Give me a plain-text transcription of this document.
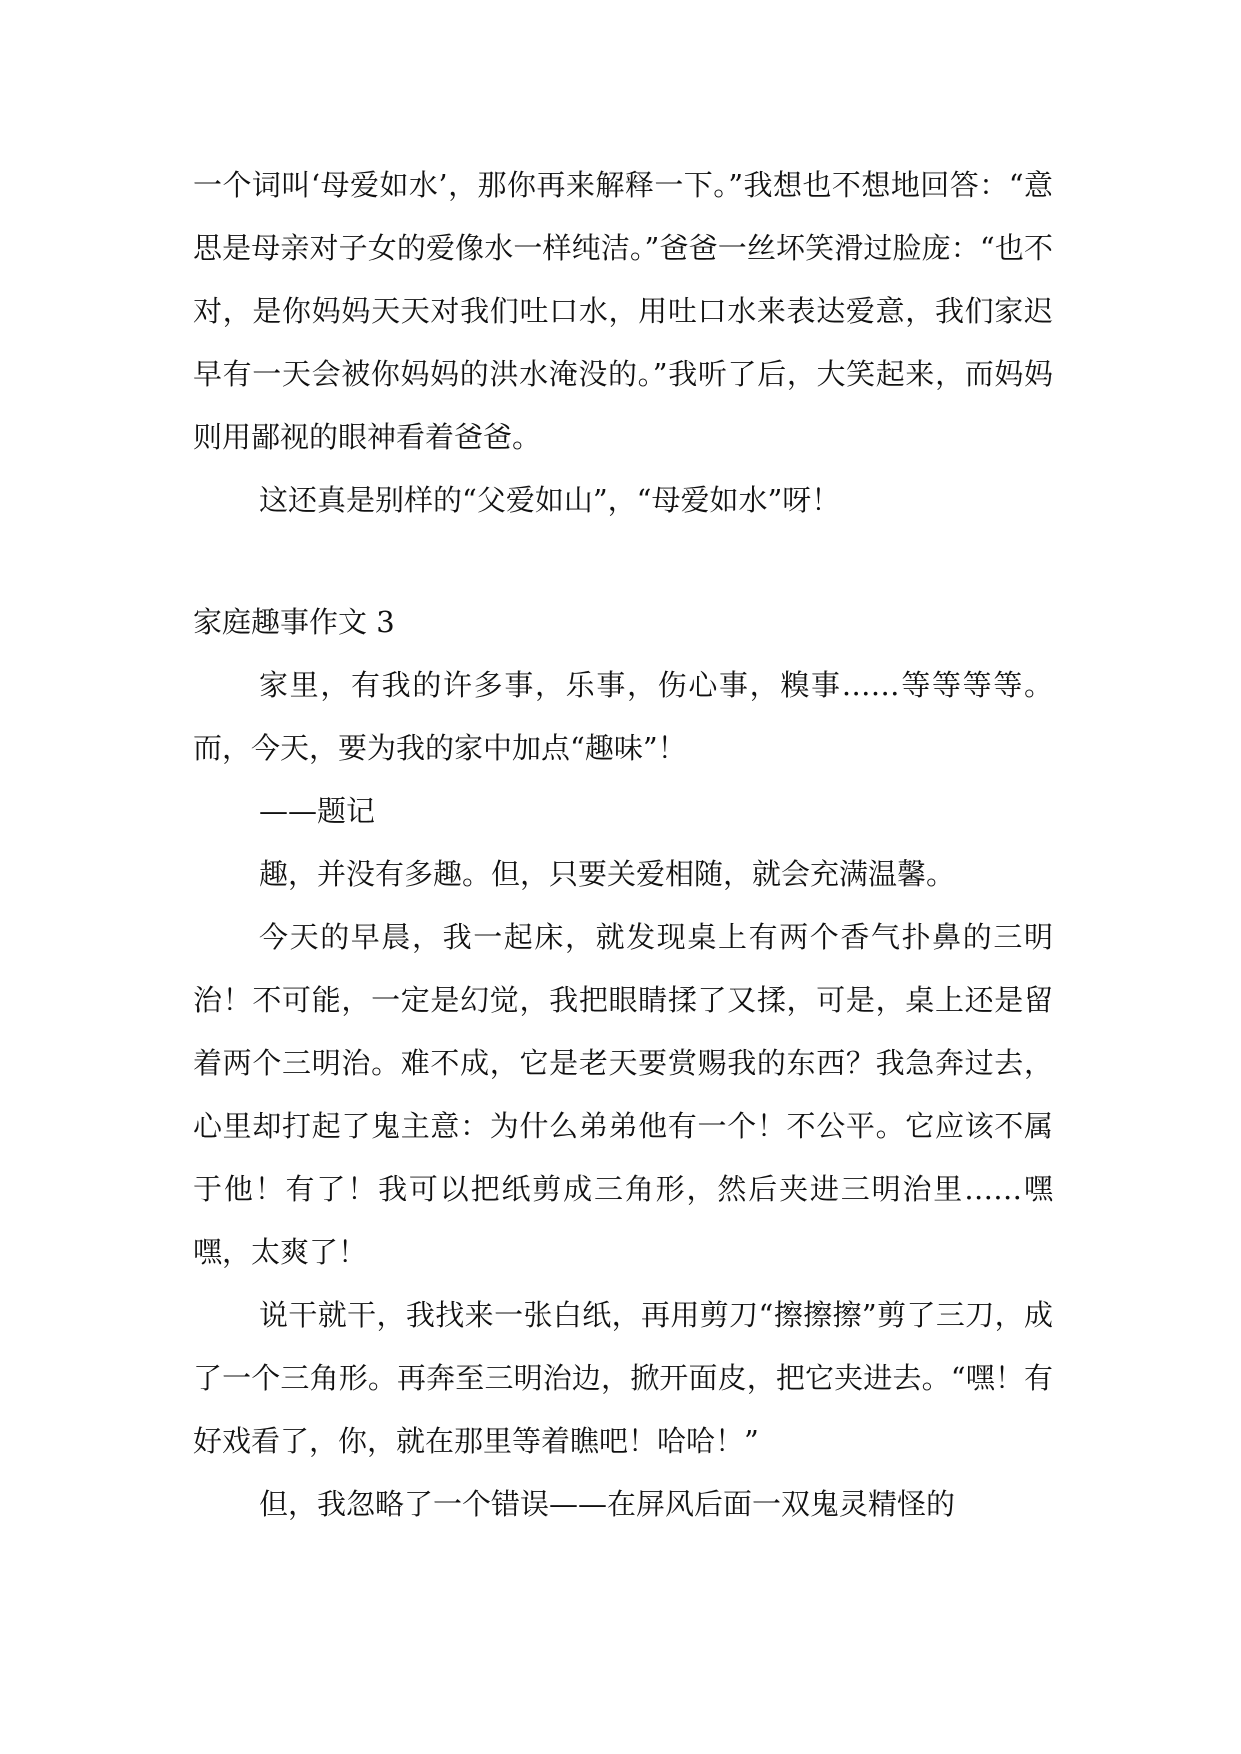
一个词叫‘母爱如水’，那你再来解释一下。”我想也不想地回答：“意思是母亲对子女的爱像水一样纯洁。”爸爸一丝坏笑滑过脸庞：“也不对，是你妈妈天天对我们吐口水，用吐口水来表达爱意，我们家迟早有一天会被你妈妈的洪水淹没的。”我听了后，大笑起来，而妈妈则用鄙视的眼神看着爸爸。

这还真是别样的“父爱如山”，“母爱如水”呀！

家庭趣事作文 3

家里，有我的许多事，乐事，伤心事，糗事……等等等等。而，今天，要为我的家中加点“趣味”！

——题记

趣，并没有多趣。但，只要关爱相随，就会充满温馨。

今天的早晨，我一起床，就发现桌上有两个香气扑鼻的三明治！不可能，一定是幻觉，我把眼睛揉了又揉，可是，桌上还是留着两个三明治。难不成，它是老天要赏赐我的东西？我急奔过去，心里却打起了鬼主意：为什么弟弟他有一个！不公平。它应该不属于他！有了！我可以把纸剪成三角形，然后夹进三明治里……嘿嘿，太爽了！

说干就干，我找来一张白纸，再用剪刀“擦擦擦”剪了三刀，成了一个三角形。再奔至三明治边，掀开面皮，把它夹进去。“嘿！有好戏看了，你，就在那里等着瞧吧！哈哈！”

但，我忽略了一个错误——在屏风后面一双鬼灵精怪的
